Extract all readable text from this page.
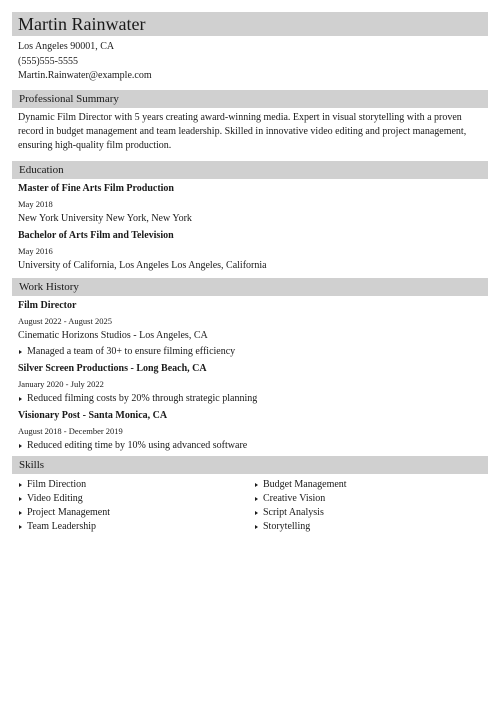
Martin Rainwater
Los Angeles 90001, CA
(555)555-5555
Martin.Rainwater@example.com
Professional Summary
Dynamic Film Director with 5 years creating award-winning media. Expert in visual storytelling with a proven record in budget management and team leadership. Skilled in innovative video editing and project management, ensuring high-quality film production.
Education
Master of Fine Arts Film Production
May 2018
New York University New York, New York
Bachelor of Arts Film and Television
May 2016
University of California, Los Angeles Los Angeles, California
Work History
Film Director
August 2022 - August 2025
Cinematic Horizons Studios - Los Angeles, CA
Managed a team of 30+ to ensure filming efficiency
Silver Screen Productions - Long Beach, CA
January 2020 - July 2022
Reduced filming costs by 20% through strategic planning
Visionary Post - Santa Monica, CA
August 2018 - December 2019
Reduced editing time by 10% using advanced software
Skills
Film Direction
Video Editing
Project Management
Team Leadership
Budget Management
Creative Vision
Script Analysis
Storytelling
